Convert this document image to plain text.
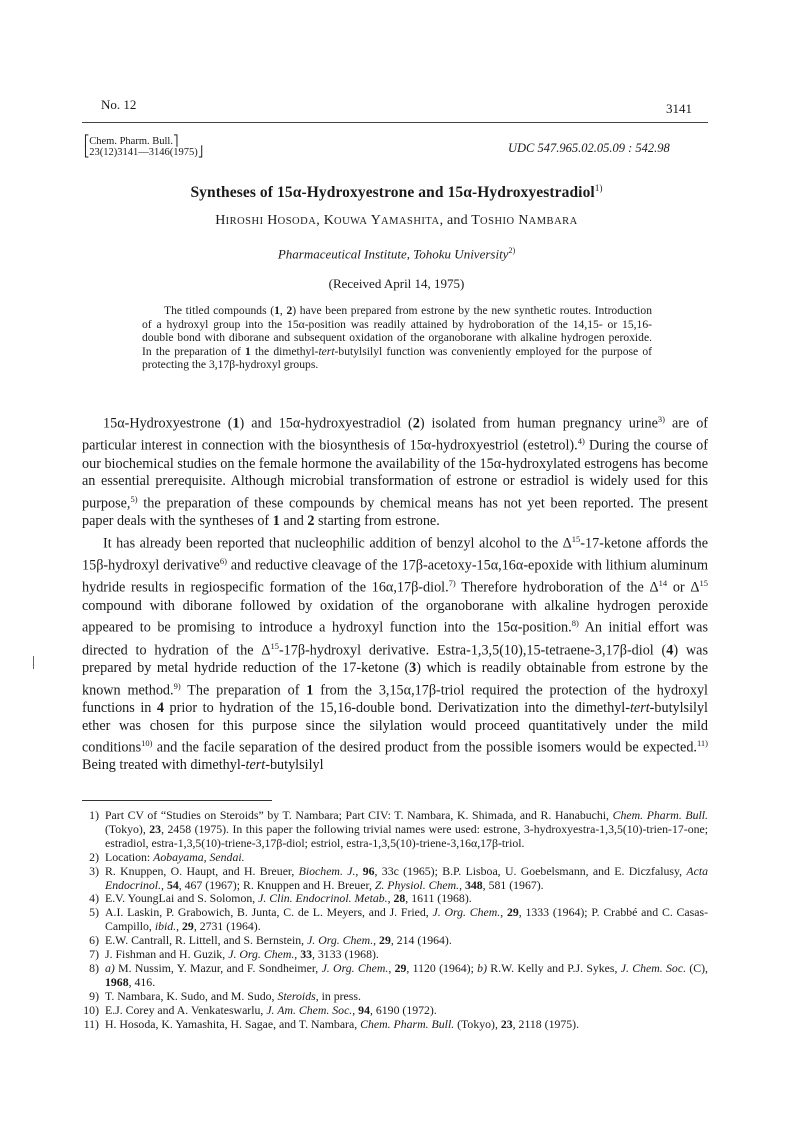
No. 12	3141
⎡Chem. Pharm. Bull.⎤
⎣23(12)3141—3146(1975)⎦	UDC 547.965.02.05.09 : 542.98
Syntheses of 15α-Hydroxyestrone and 15α-Hydroxyestradiol$^{1)}$
HIROSHI HOSODA, KOUWA YAMASHITA, and TOSHIO NAMBARA
Pharmaceutical Institute, Tohoku University$^{2)}$
(Received April 14, 1975)
The titled compounds (1, 2) have been prepared from estrone by the new synthetic routes. Introduction of a hydroxyl group into the 15α-position was readily attained by hydroboration of the 14,15- or 15,16-double bond with diborane and subsequent oxidation of the organoborane with alkaline hydrogen peroxide. In the preparation of 1 the dimethyl-tert-butylsilyl function was conveniently employed for the purpose of protecting the 3,17β-hydroxyl groups.

15α-Hydroxyestrone (1) and 15α-hydroxyestradiol (2) isolated from human pregnancy urine$^{3)}$ are of particular interest in connection with the biosynthesis of 15α-hydroxyestriol (estetrol).$^{4)}$ During the course of our biochemical studies on the female hormone the availability of the 15α-hydroxylated estrogens has become an essential prerequisite. Although microbial transformation of estrone or estradiol is widely used for this purpose,$^{5)}$ the preparation of these compounds by chemical means has not yet been reported. The present paper deals with the syntheses of 1 and 2 starting from estrone.

It has already been reported that nucleophilic addition of benzyl alcohol to the $\Delta^{15}-17$-ketone affords the 15β-hydroxyl derivative$^{6)}$ and reductive cleavage of the 17β-acetoxy-15α,16α-epoxide with lithium aluminum hydride results in regiospecific formation of the 16α,17β-diol.$^{7)}$ Therefore hydroboration of the $\Delta^{14}$ or $\Delta^{15}$ compound with diborane followed by oxidation of the organoborane with alkaline hydrogen peroxide appeared to be promising to introduce a hydroxyl function into the 15α-position.$^{8)}$ An initial effort was directed to hydration of the $\Delta^{15}-17\beta$-hydroxyl derivative. Estra-1,3,5(10),15-tetraene-3,17β-diol (4) was prepared by metal hydride reduction of the 17-ketone (3) which is readily obtainable from estrone by the known method.$^{9)}$ The preparation of 1 from the 3,15α,17β-triol required the protection of the hydroxyl functions in 4 prior to hydration of the 15,16-double bond. Derivatization into the dimethyl-tert-butylsilyl ether was chosen for this purpose since the silylation would proceed quantitatively under the mild conditions$^{10)}$ and the facile separation of the desired product from the possible isomers would be expected.$^{11)}$ Being treated with dimethyl-tert-butylsilyl

1) Part CV of “Studies on Steroids” by T. Nambara; Part CIV: T. Nambara, K. Shimada, and R. Hanabuchi, Chem. Pharm. Bull. (Tokyo), 23, 2458 (1975). In this paper the following trivial names were used: estrone, 3-hydroxyestra-1,3,5(10)-trien-17-one; estradiol, estra-1,3,5(10)-triene-3,17β-diol; estriol, estra-1,3,5(10)-triene-3,16α,17β-triol.
2) Location: Aobayama, Sendai.
3) R. Knuppen, O. Haupt, and H. Breuer, Biochem. J., 96, 33c (1965); B.P. Lisboa, U. Goebelsmann, and E. Diczfalusy, Acta Endocrinol., 54, 467 (1967); R. Knuppen and H. Breuer, Z. Physiol. Chem., 348, 581 (1967).
4) E.V. YoungLai and S. Solomon, J. Clin. Endocrinol. Metab., 28, 1611 (1968).
5) A.I. Laskin, P. Grabowich, B. Junta, C. de L. Meyers, and J. Fried, J. Org. Chem., 29, 1333 (1964); P. Crabbé and C. Casas-Campillo, ibid., 29, 2731 (1964).
6) E.W. Cantrall, R. Littell, and S. Bernstein, J. Org. Chem., 29, 214 (1964).
7) J. Fishman and H. Guzik, J. Org. Chem., 33, 3133 (1968).
8) a) M. Nussim, Y. Mazur, and F. Sondheimer, J. Org. Chem., 29, 1120 (1964); b) R.W. Kelly and P.J. Sykes, J. Chem. Soc. (C), 1968, 416.
9) T. Nambara, K. Sudo, and M. Sudo, Steroids, in press.
10) E.J. Corey and A. Venkateswarlu, J. Am. Chem. Soc., 94, 6190 (1972).
11) H. Hosoda, K. Yamashita, H. Sagae, and T. Nambara, Chem. Pharm. Bull. (Tokyo), 23, 2118 (1975).
